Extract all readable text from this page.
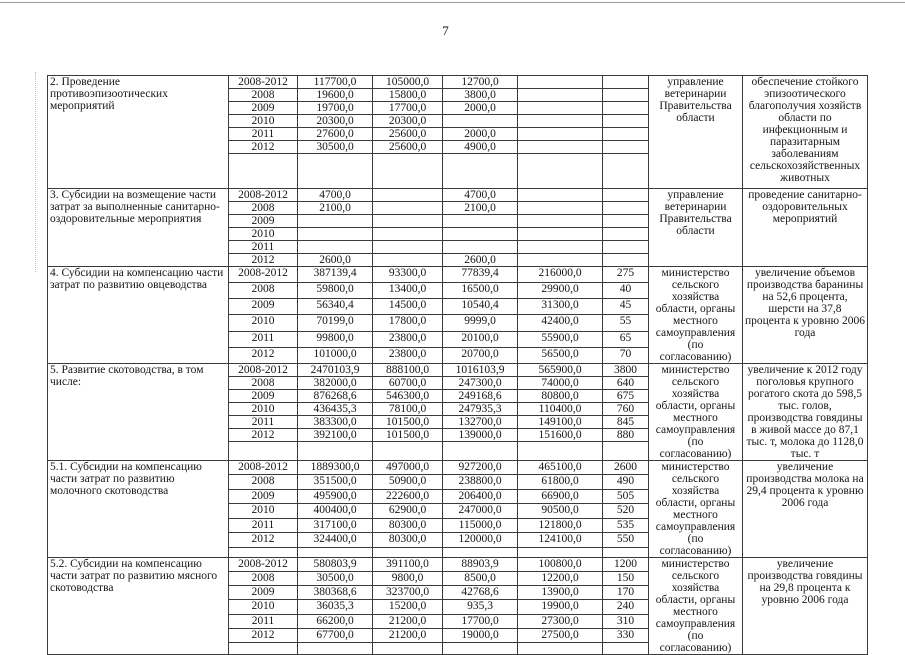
7
2. Проведение противоэпизоотических мероприятий	2008-2012	117700,0	105000,0	12700,0			управление ветеринарии Правительства области	обеспечение стойкого эпизоотического благополучия хозяйств области по инфекционным и паразитарным заболеваниям сельскохозяйственных животных
	2008	19600,0	15800,0	3800,0				
	2009	19700,0	17700,0	2000,0				
	2010	20300,0	20300,0					
	2011	27600,0	25600,0	2000,0				
	2012	30500,0	25600,0	4900,0				

3. Субсидии на возмещение части затрат за выполненные санитарно-оздоровительные мероприятия	2008-2012	4700,0		4700,0			управление ветеринарии Правительства области	проведение санитарно-оздоровительных мероприятий
	2008	2100,0		2100,0				
	2009							
	2010							
	2011							
	2012	2600,0		2600,0				
4. Субсидии на компенсацию части затрат по развитию овцеводства	2008-2012	387139,4	93300,0	77839,4	216000,0	275	министерство сельского хозяйства области, органы местного самоуправления (по согласованию)	увеличение объемов производства баранины на 52,6 процента, шерсти на 37,8 процента к уровню 2006 года
	2008	59800,0	13400,0	16500,0	29900,0	40		
	2009	56340,4	14500,0	10540,4	31300,0	45		
	2010	70199,0	17800,0	9999,0	42400,0	55		
	2011	99800,0	23800,0	20100,0	55900,0	65		
	2012	101000,0	23800,0	20700,0	56500,0	70		
5. Развитие скотоводства, в том числе:	2008-2012	2470103,9	888100,0	1016103,9	565900,0	3800	министерство сельского хозяйства области, органы местного самоуправления (по согласованию)	увеличение к 2012 году поголовья крупного рогатого скота до 598,5 тыс. голов, производства говядины в живой массе до 87,1 тыс. т, молока до 1128,0 тыс. т
	2008	382000,0	60700,0	247300,0	74000,0	640		
	2009	876268,6	546300,0	249168,6	80800,0	675		
	2010	436435,3	78100,0	247935,3	110400,0	760		
	2011	383300,0	101500,0	132700,0	149100,0	845		
	2012	392100,0	101500,0	139000,0	151600,0	880		

5.1. Субсидии на компенсацию части затрат по развитию молочного скотоводства	2008-2012	1889300,0	497000,0	927200,0	465100,0	2600	министерство сельского хозяйства области, органы местного самоуправления (по согласованию)	увеличение производства молока на 29,4 процента к уровню 2006 года
	2008	351500,0	50900,0	238800,0	61800,0	490		
	2009	495900,0	222600,0	206400,0	66900,0	505		
	2010	400400,0	62900,0	247000,0	90500,0	520		
	2011	317100,0	80300,0	115000,0	121800,0	535		
	2012	324400,0	80300,0	120000,0	124100,0	550		

5.2. Субсидии на компенсацию части затрат по развитию мясного скотоводства	2008-2012	580803,9	391100,0	88903,9	100800,0	1200	министерство сельского хозяйства области, органы местного самоуправления (по согласованию)	увеличение производства говядины на 29,8 процента к уровню 2006 года
	2008	30500,0	9800,0	8500,0	12200,0	150		
	2009	380368,6	323700,0	42768,6	13900,0	170		
	2010	36035,3	15200,0	935,3	19900,0	240		
	2011	66200,0	21200,0	17700,0	27300,0	310		
	2012	67700,0	21200,0	19000,0	27500,0	330		
